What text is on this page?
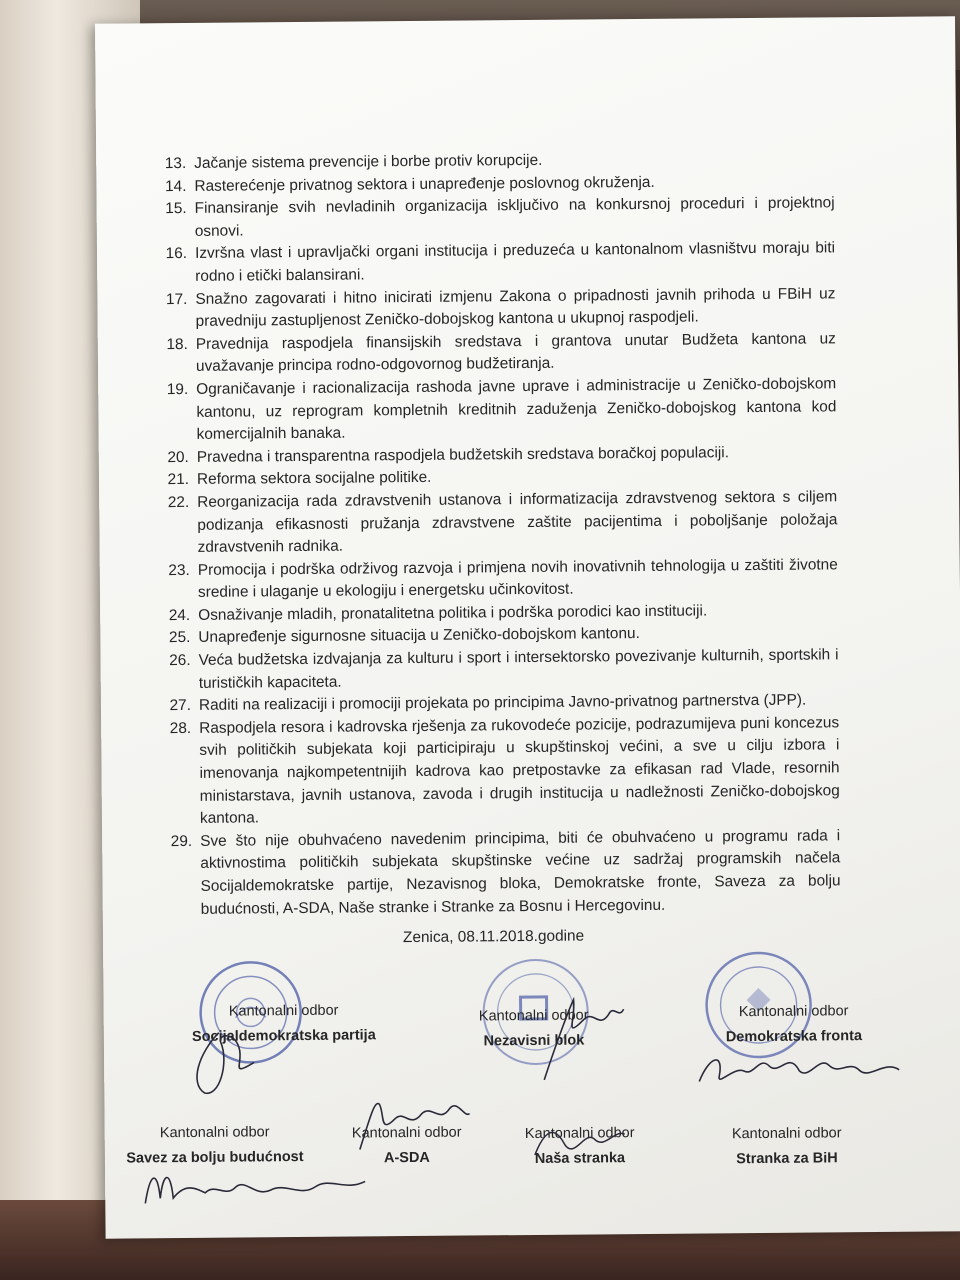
13. Jačanje sistema prevencije i borbe protiv korupcije.
14. Rasterećenje privatnog sektora i unapređenje poslovnog okruženja.
15. Finansiranje svih nevladinih organizacija isključivo na konkursnoj proceduri i projektnoj osnovi.
16. Izvršna vlast i upravljački organi institucija i preduzeća u kantonalnom vlasništvu moraju biti rodno i etički balansirani.
17. Snažno zagovarati i hitno inicirati izmjenu Zakona o pripadnosti javnih prihoda u FBiH uz pravedniju zastupljenost Zeničko-dobojskog kantona u ukupnoj raspodjeli.
18. Pravednija raspodjela finansijskih sredstava i grantova unutar Budžeta kantona uz uvažavanje principa rodno-odgovornog budžetiranja.
19. Ograničavanje i racionalizacija rashoda javne uprave i administracije u Zeničko-dobojskom kantonu, uz reprogram kompletnih kreditnih zaduženja Zeničko-dobojskog kantona kod komercijalnih banaka.
20. Pravedna i transparentna raspodjela budžetskih sredstava boračkoj populaciji.
21. Reforma sektora socijalne politike.
22. Reorganizacija rada zdravstvenih ustanova i informatizacija zdravstvenog sektora s ciljem podizanja efikasnosti pružanja zdravstvene zaštite pacijentima i poboljšanje položaja zdravstvenih radnika.
23. Promocija i podrška održivog razvoja i primjena novih inovativnih tehnologija u zaštiti životne sredine i ulaganje u ekologiju i energetsku učinkovitost.
24. Osnaživanje mladih, pronatalitetna politika i podrška porodici kao instituciji.
25. Unapređenje sigurnosne situacija u Zeničko-dobojskom kantonu.
26. Veća budžetska izdvajanja za kulturu i sport i intersektorsko povezivanje kulturnih, sportskih i turističkih kapaciteta.
27. Raditi na realizaciji i promociji projekata po principima Javno-privatnog partnerstva (JPP).
28. Raspodjela resora i kadrovska rješenja za rukovodeće pozicije, podrazumijeva puni koncezus svih političkih subjekata koji participiraju u skupštinskoj većini, a sve u cilju izbora i imenovanja najkompetentnijih kadrova kao pretpostavke za efikasan rad Vlade, resornih ministarstava, javnih ustanova, zavoda i drugih institucija u nadležnosti Zeničko-dobojskog kantona.
29. Sve što nije obuhvaćeno navedenim principima, biti će obuhvaćeno u programu rada i aktivnostima političkih subjekata skupštinske većine uz sadržaj programskih načela Socijaldemokratske partije, Nezavisnog bloka, Demokratske fronte, Saveza za bolju budućnosti, A-SDA, Naše stranke i Stranke za Bosnu i Hercegovinu.
Zenica, 08.11.2018.godine
Kantonalni odbor
Socijaldemokratska partija
Kantonalni odbor
Nezavisni blok
Kantonalni odbor
Demokratska fronta
Kantonalni odbor
Savez za bolju budućnost
Kantonalni odbor
A-SDA
Kantonalni odbor
Naša stranka
Kantonalni odbor
Stranka za BiH
